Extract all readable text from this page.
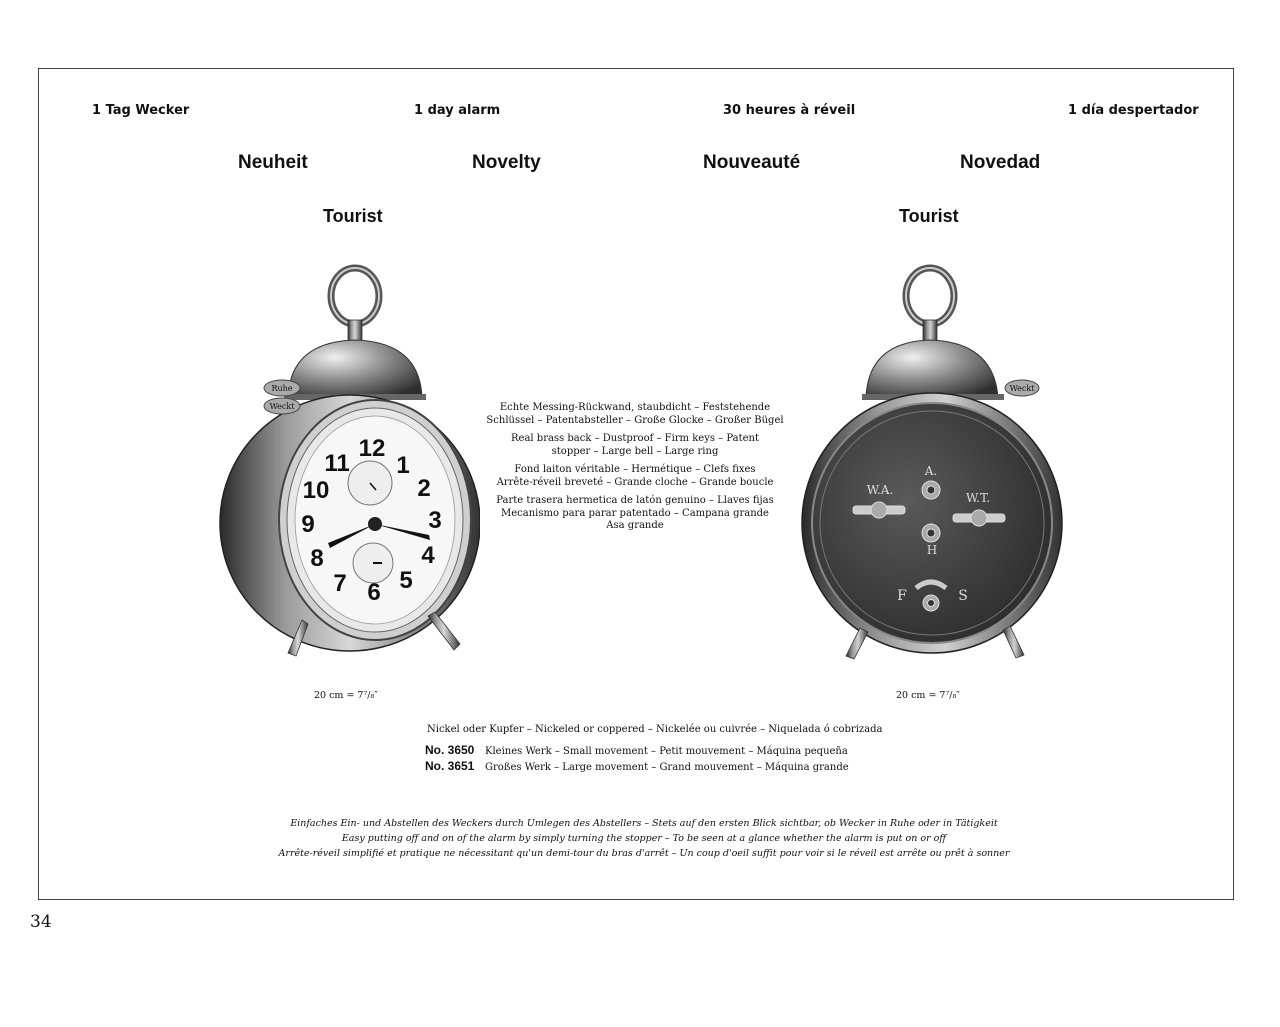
1 Tag Wecker	1 day alarm	30 heures à réveil	1 día despertador
Neuheit	Novelty	Nouveauté	Novedad
Tourist	Tourist
12
1
2
3
4
5
6
7
8
9
10
11
Ruhe
Weckt
Weckt
A.
W.A.
W.T.
H
F	S

Echte Messing-Rückwand, staubdicht – Feststehende
Schlüssel – Patentabsteller – Große Glocke – Großer Bügel

Real brass back – Dustproof – Firm keys – Patent
stopper – Large bell – Large ring

Fond laiton véritable – Hermétique – Clefs fixes
Arrête-réveil breveté – Grande cloche – Grande boucle

Parte trasera hermetica de latón genuino – Llaves fijas
Mecanismo para parar patentado – Campana grande
Asa grande

20 cm = 7⁷/₈″	20 cm = 7⁷/₈″
Nickel oder Kupfer – Nickeled or coppered – Nickelée ou cuivrée – Niquelada ó cobrizada
No. 3650 Kleines Werk – Small movement – Petit mouvement – Máquina pequeña
No. 3651 Großes Werk – Large movement – Grand mouvement – Máquina grande
Einfaches Ein- und Abstellen des Weckers durch Umlegen des Abstellers – Stets auf den ersten Blick sichtbar, ob Wecker in Ruhe oder in Tätigkeit
Easy putting off and on of the alarm by simply turning the stopper – To be seen at a glance whether the alarm is put on or off
Arrête-réveil simplifié et pratique ne nécessitant qu'un demi-tour du bras d'arrêt – Un coup d'oeil suffit pour voir si le réveil est arrête ou prêt à sonner
34
